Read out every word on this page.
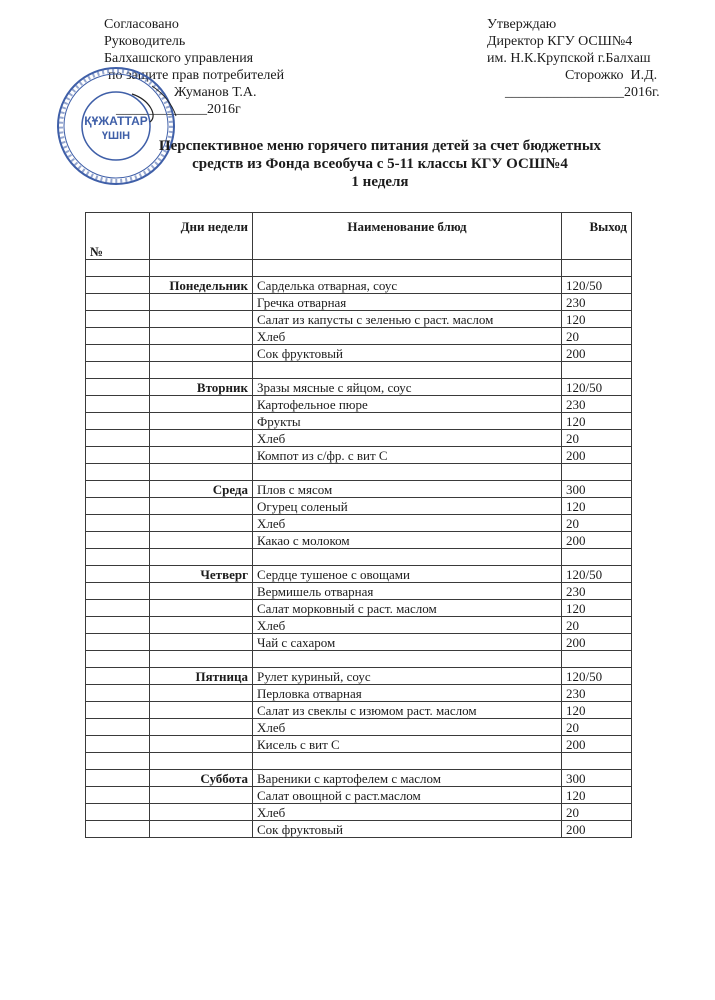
Согласовано
Руководитель
Балхашского управления
по защите прав потребителей
Жуманов Т.А.
_____________2016г
Утверждаю
Директор КГУ ОСШ№4
им. Н.К.Крупской г.Балхаш
Сторожко  И.Д.
_________________2016г.
ҚҰЖАТТАР
ҮШІН
Перспективное меню горячего питания детей за счет бюджетных
средств из Фонда всеобуча с 5-11 классы КГУ ОСШ№4
1 неделя
№	Дни недели	Наименование блюд	Выход

	Понедельник	Сарделька отварная, соус	120/50
		Гречка отварная	230
		Салат из капусты с зеленью с раст. маслом	120
		Хлеб	20
		Сок фруктовый	200

	Вторник	Зразы мясные с яйцом, соус	120/50
		Картофельное пюре	230
		Фрукты	120
		Хлеб	20
		Компот из с/фр. с вит С	200

	Среда	Плов с мясом	300
		Огурец соленый	120
		Хлеб	20
		Какао с молоком	200

	Четверг	Сердце тушеное с овощами	120/50
		Вермишель отварная	230
		Салат морковный с раст. маслом	120
		Хлеб	20
		Чай с сахаром	200

	Пятница	Рулет куриный, соус	120/50
		Перловка отварная	230
		Салат из свеклы с изюмом раст. маслом	120
		Хлеб	20
		Кисель с вит С	200

	Суббота	Вареники с картофелем с маслом	300
		Салат овощной с раст.маслом	120
		Хлеб	20
		Сок фруктовый	200
